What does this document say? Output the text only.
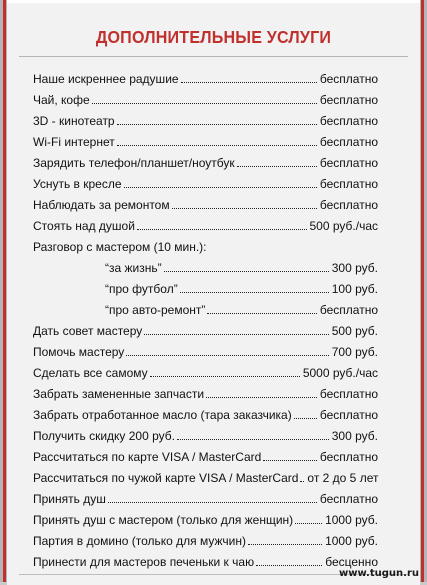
ДОПОЛНИТЕЛЬНЫЕ УСЛУГИ
Наше искреннее радушие	бесплатно
Чай, кофе	бесплатно
3D - кинотеатр	бесплатно
Wi-Fi интернет	бесплатно
Зарядить телефон/планшет/ноутбук	бесплатно
Уснуть в кресле	бесплатно
Наблюдать за ремонтом	бесплатно
Стоять над душой	500 руб./час
Разговор с мастером (10 мин.):
“за жизнь”	300 руб.
“про футбол”	100 руб.
“про авто-ремонт”	бесплатно
Дать совет мастеру	500 руб.
Помочь мастеру	700 руб.
Сделать все самому	5000 руб./час
Забрать замененные запчасти	бесплатно
Забрать отработанное масло (тара заказчика) бесплатно
Получить скидку 200 руб.	300 руб.
Рассчитаться по карте VISA / MasterCard	бесплатно
Рассчитаться по чужой карте VISA / MasterCard от 2 до 5 лет
Принять душ	бесплатно
Принять душ с мастером (только для женщин)	1000 руб.
Партия в домино (только для мужчин)	1000 руб.
Принести для мастеров печеньки к чаю	бесценно
www.tugun.ru
